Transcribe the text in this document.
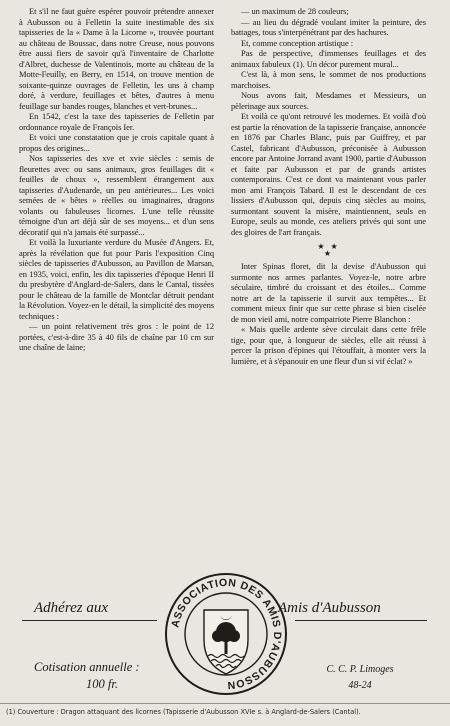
Et s'il ne faut guère espérer pouvoir prétendre annexer à Aubusson ou à Felletin la suite inestimable des six tapisseries de la « Dame à la Licorne », trouvée pourtant au château de Boussac, dans notre Creuse, nous pouvons être aussi fiers de savoir qu'à l'inventaire de Charlotte d'Albret, duchesse de Valentinois, morte au château de la Motte-Feuilly, en Berry, en 1514, on trouve mention de soixante-quinze ouvrages de Felletin, les uns à champ doré, à verdure, feuillages et bêtes, d'autres à menu feuillage sur bandes rouges, blanches et vert-brunes...

En 1542, c'est la taxe des tapisseries de Felletin par ordonnance royale de François Ier.

Et voici une constatation que je crois capitale quant à propos des origines...

Nos tapisseries des xve et xvie siècles : semis de fleurettes avec ou sans animaux, gros feuillages dit « feuilles de choux », ressemblent étrangement aux tapisseries d'Audenarde, un peu antérieures... Les voici semées de « bêtes » réelles ou imaginaires, dragons volants ou fabuleuses licornes. L'une telle réussite témoigne d'un art déjà sûr de ses moyens... et d'un sens décoratif qui n'a jamais été surpassé...

Et voilà la luxuriante verdure du Musée d'Angers. Et, après la révélation que fut pour Paris l'exposition Cinq siècles de tapisseries d'Aubusson, au Pavillon de Marsan, en 1935, voici, enfin, les dix tapisseries d'époque Henri II du presbytère d'Anglard-de-Salers, dans le Cantal, tissées pour le château de la famille de Montclar détruit pendant la Révolution. Voyez-en le détail, la simplicité des moyens techniques :

— un point relativement très gros : le point de 12 portées, c'est-à-dire 35 à 40 fils de chaîne par 10 cm sur une chaîne de laine;

— un maximum de 28 couleurs;

— au lieu du dégradé voulant imiter la peinture, des battages, tous s'interpénétrant par des hachures.

Et, comme conception artistique :

Pas de perspective, d'immenses feuillages et des animaux fabuleux (1). Un décor purement mural...

C'est là, à mon sens, le sommet de nos productions marchoises.

Nous avons fait, Mesdames et Messieurs, un pèlerinage aux sources.

Et voilà ce qu'ont retrouvé les modernes. Et voilà d'où est partie la rénovation de la tapisserie française, annoncée en 1876 par Charles Blanc, puis par Guiffrey, et par Castel, fabricant d'Aubusson, préconisée à Aubusson encore par Antoine Jorrand avant 1900, partie d'Aubusson et faite par Aubusson et par de grands artistes contemporains. C'est ce dont va maintenant vous parler mon ami François Tabard. Il est le descendant de ces lissiers d'Aubusson qui, depuis cinq siècles au moins, surmontant souvent la misère, maintiennent, seuls en Europe, seuls au monde, ces ateliers privés qui sont une des gloires de l'art français.

★ ★
★

Inter Spinas floret, dit la devise d'Aubusson qui surmonte nos armes parlantes. Voyez-le, notre arbre séculaire, timbré du croissant et des étoiles... Comme notre art de la tapisserie il survit aux tempêtes... Et comment mieux finir que sur cette phrase si bien ciselée de mon vieil ami, notre compatriote Pierre Blanchon :

« Mais quelle ardente sève circulait dans cette frêle tige, pour que, à longueur de siècles, elle ait réussi à percer la prison d'épines qui l'étouffait, à monter vers la lumière, et à s'épanouir en une fleur d'un si vif éclat? »

Adhérez aux	Amis d'Aubusson
ASSOCIATION DES AMIS D'AUBUSSON
Cotisation annuelle :
100 fr.
C. C. P. Limoges
48-24
(1) Couverture : Dragon attaquant des licornes (Tapisserie d'Aubusson XVIe s. à Anglard-de-Salers (Cantal).
